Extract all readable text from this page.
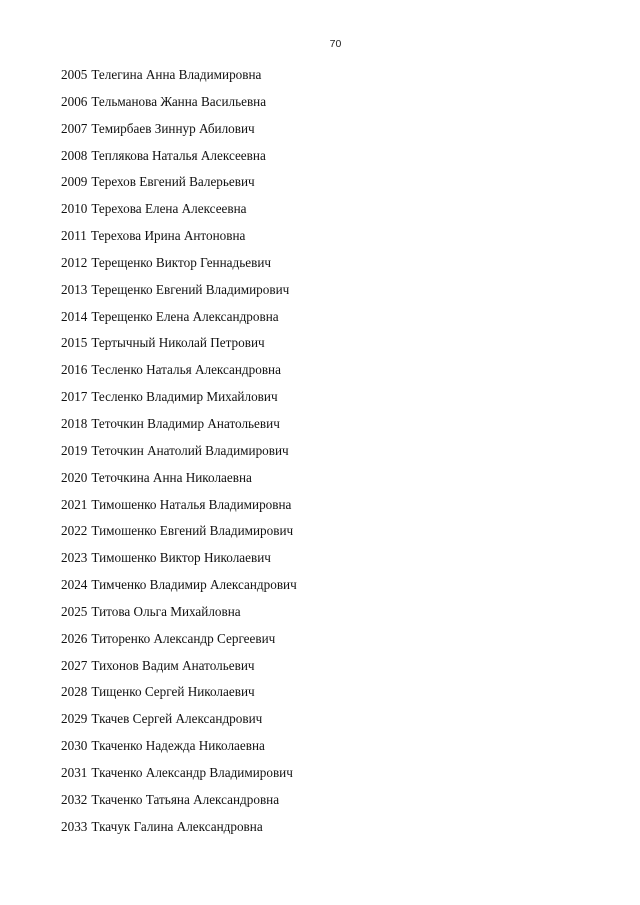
70
2005 Телегина Анна Владимировна
2006 Тельманова Жанна Васильевна
2007 Темирбаев Зиннур Абилович
2008 Теплякова Наталья Алексеевна
2009 Терехов Евгений Валерьевич
2010 Терехова Елена Алексеевна
2011 Терехова Ирина Антоновна
2012 Терещенко Виктор Геннадьевич
2013 Терещенко Евгений Владимирович
2014 Терещенко Елена Александровна
2015 Тертычный Николай Петрович
2016 Тесленко Наталья Александровна
2017 Тесленко Владимир Михайлович
2018 Теточкин Владимир Анатольевич
2019 Теточкин Анатолий Владимирович
2020 Теточкина Анна Николаевна
2021 Тимошенко Наталья Владимировна
2022 Тимошенко Евгений Владимирович
2023 Тимошенко Виктор Николаевич
2024 Тимченко Владимир Александрович
2025 Титова Ольга Михайловна
2026 Титоренко Александр Сергеевич
2027 Тихонов Вадим Анатольевич
2028 Тищенко Сергей Николаевич
2029 Ткачев Сергей Александрович
2030 Ткаченко Надежда Николаевна
2031 Ткаченко Александр Владимирович
2032 Ткаченко Татьяна Александровна
2033 Ткачук Галина Александровна
